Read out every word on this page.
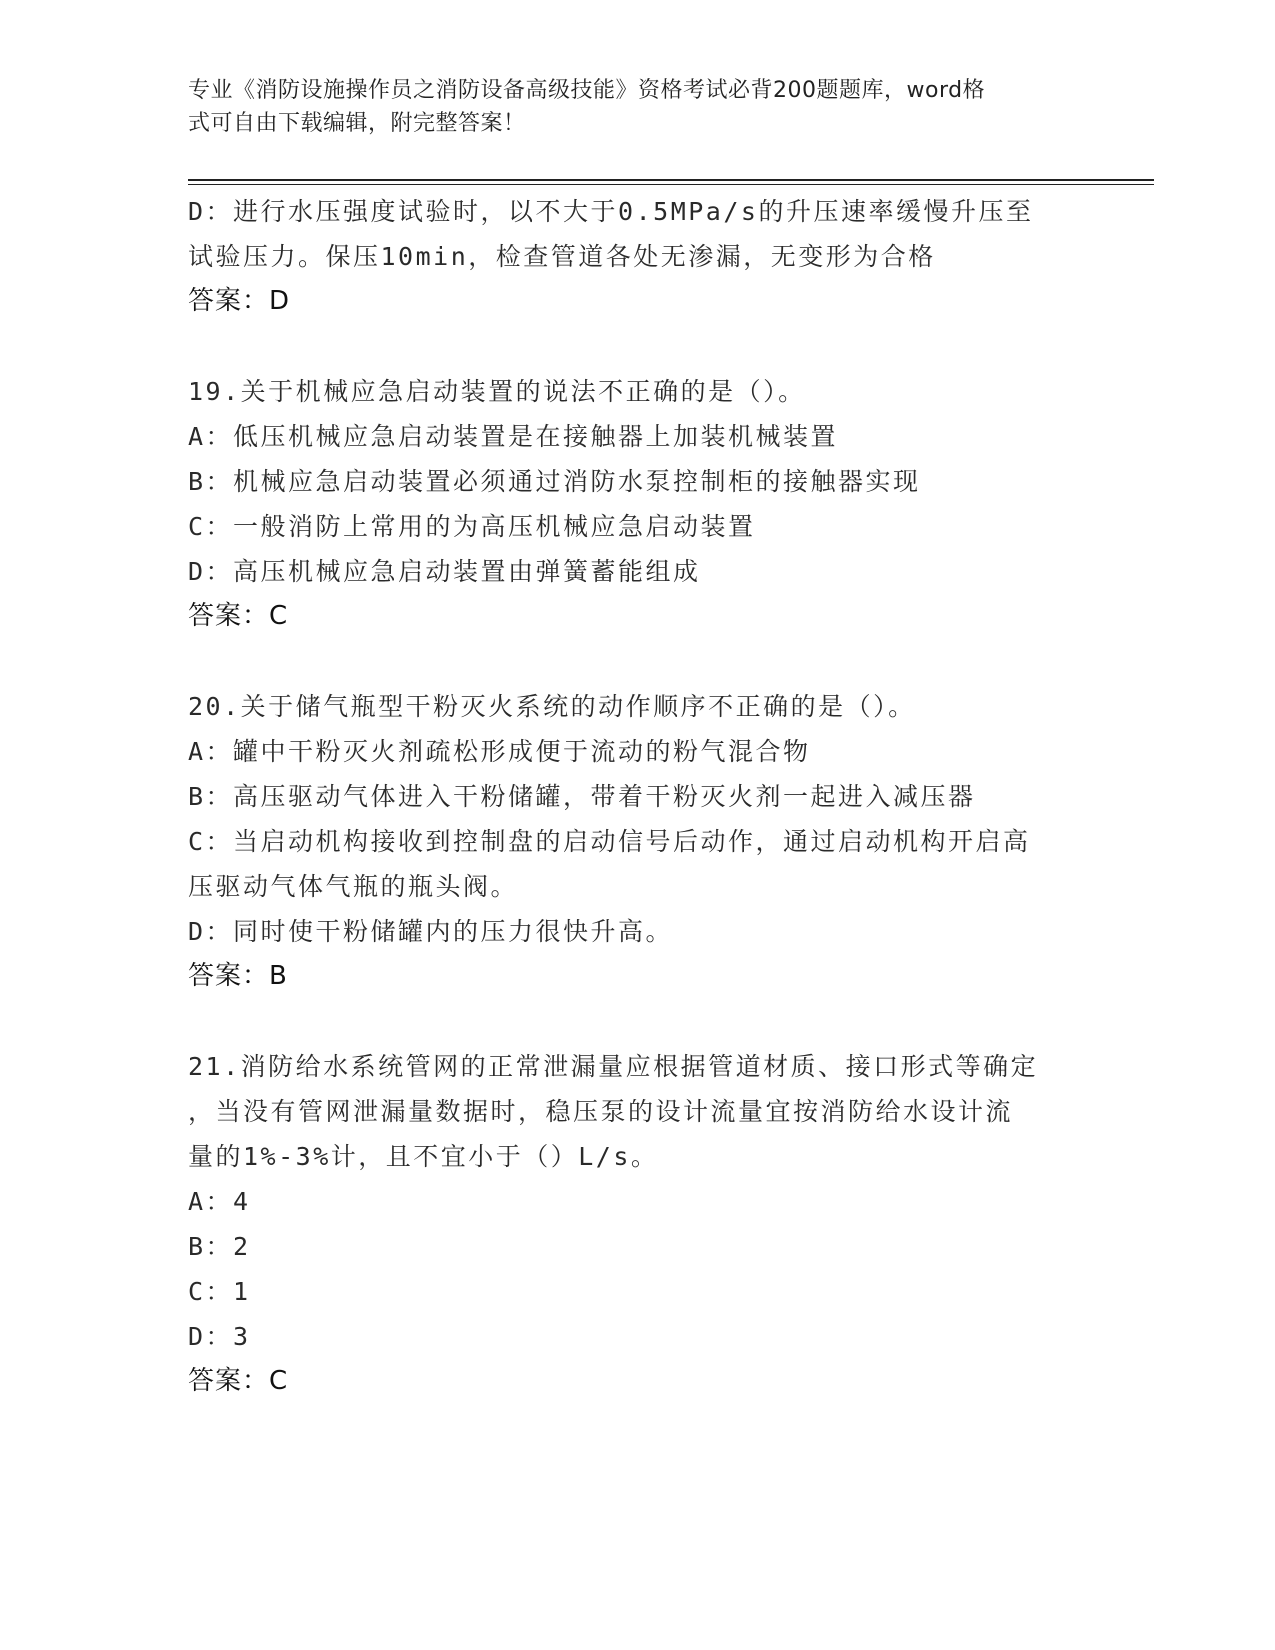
专业《消防设施操作员之消防设备高级技能》资格考试必背200题题库，word格
式可自由下载编辑，附完整答案！
D：进行水压强度试验时，以不大于0.5MPa/s的升压速率缓慢升压至
试验压力。保压10min，检查管道各处无渗漏，无变形为合格
答案：D
19.关于机械应急启动装置的说法不正确的是（）。
A：低压机械应急启动装置是在接触器上加装机械装置
B：机械应急启动装置必须通过消防水泵控制柜的接触器实现
C：一般消防上常用的为高压机械应急启动装置
D：高压机械应急启动装置由弹簧蓄能组成
答案：C
20.关于储气瓶型干粉灭火系统的动作顺序不正确的是（）。
A：罐中干粉灭火剂疏松形成便于流动的粉气混合物
B：高压驱动气体进入干粉储罐，带着干粉灭火剂一起进入减压器
C：当启动机构接收到控制盘的启动信号后动作，通过启动机构开启高
压驱动气体气瓶的瓶头阀。
D：同时使干粉储罐内的压力很快升高。
答案：B
21.消防给水系统管网的正常泄漏量应根据管道材质、接口形式等确定
，当没有管网泄漏量数据时，稳压泵的设计流量宜按消防给水设计流
量的1%-3%计，且不宜小于（）L/s。
A：4
B：2
C：1
D：3
答案：C
